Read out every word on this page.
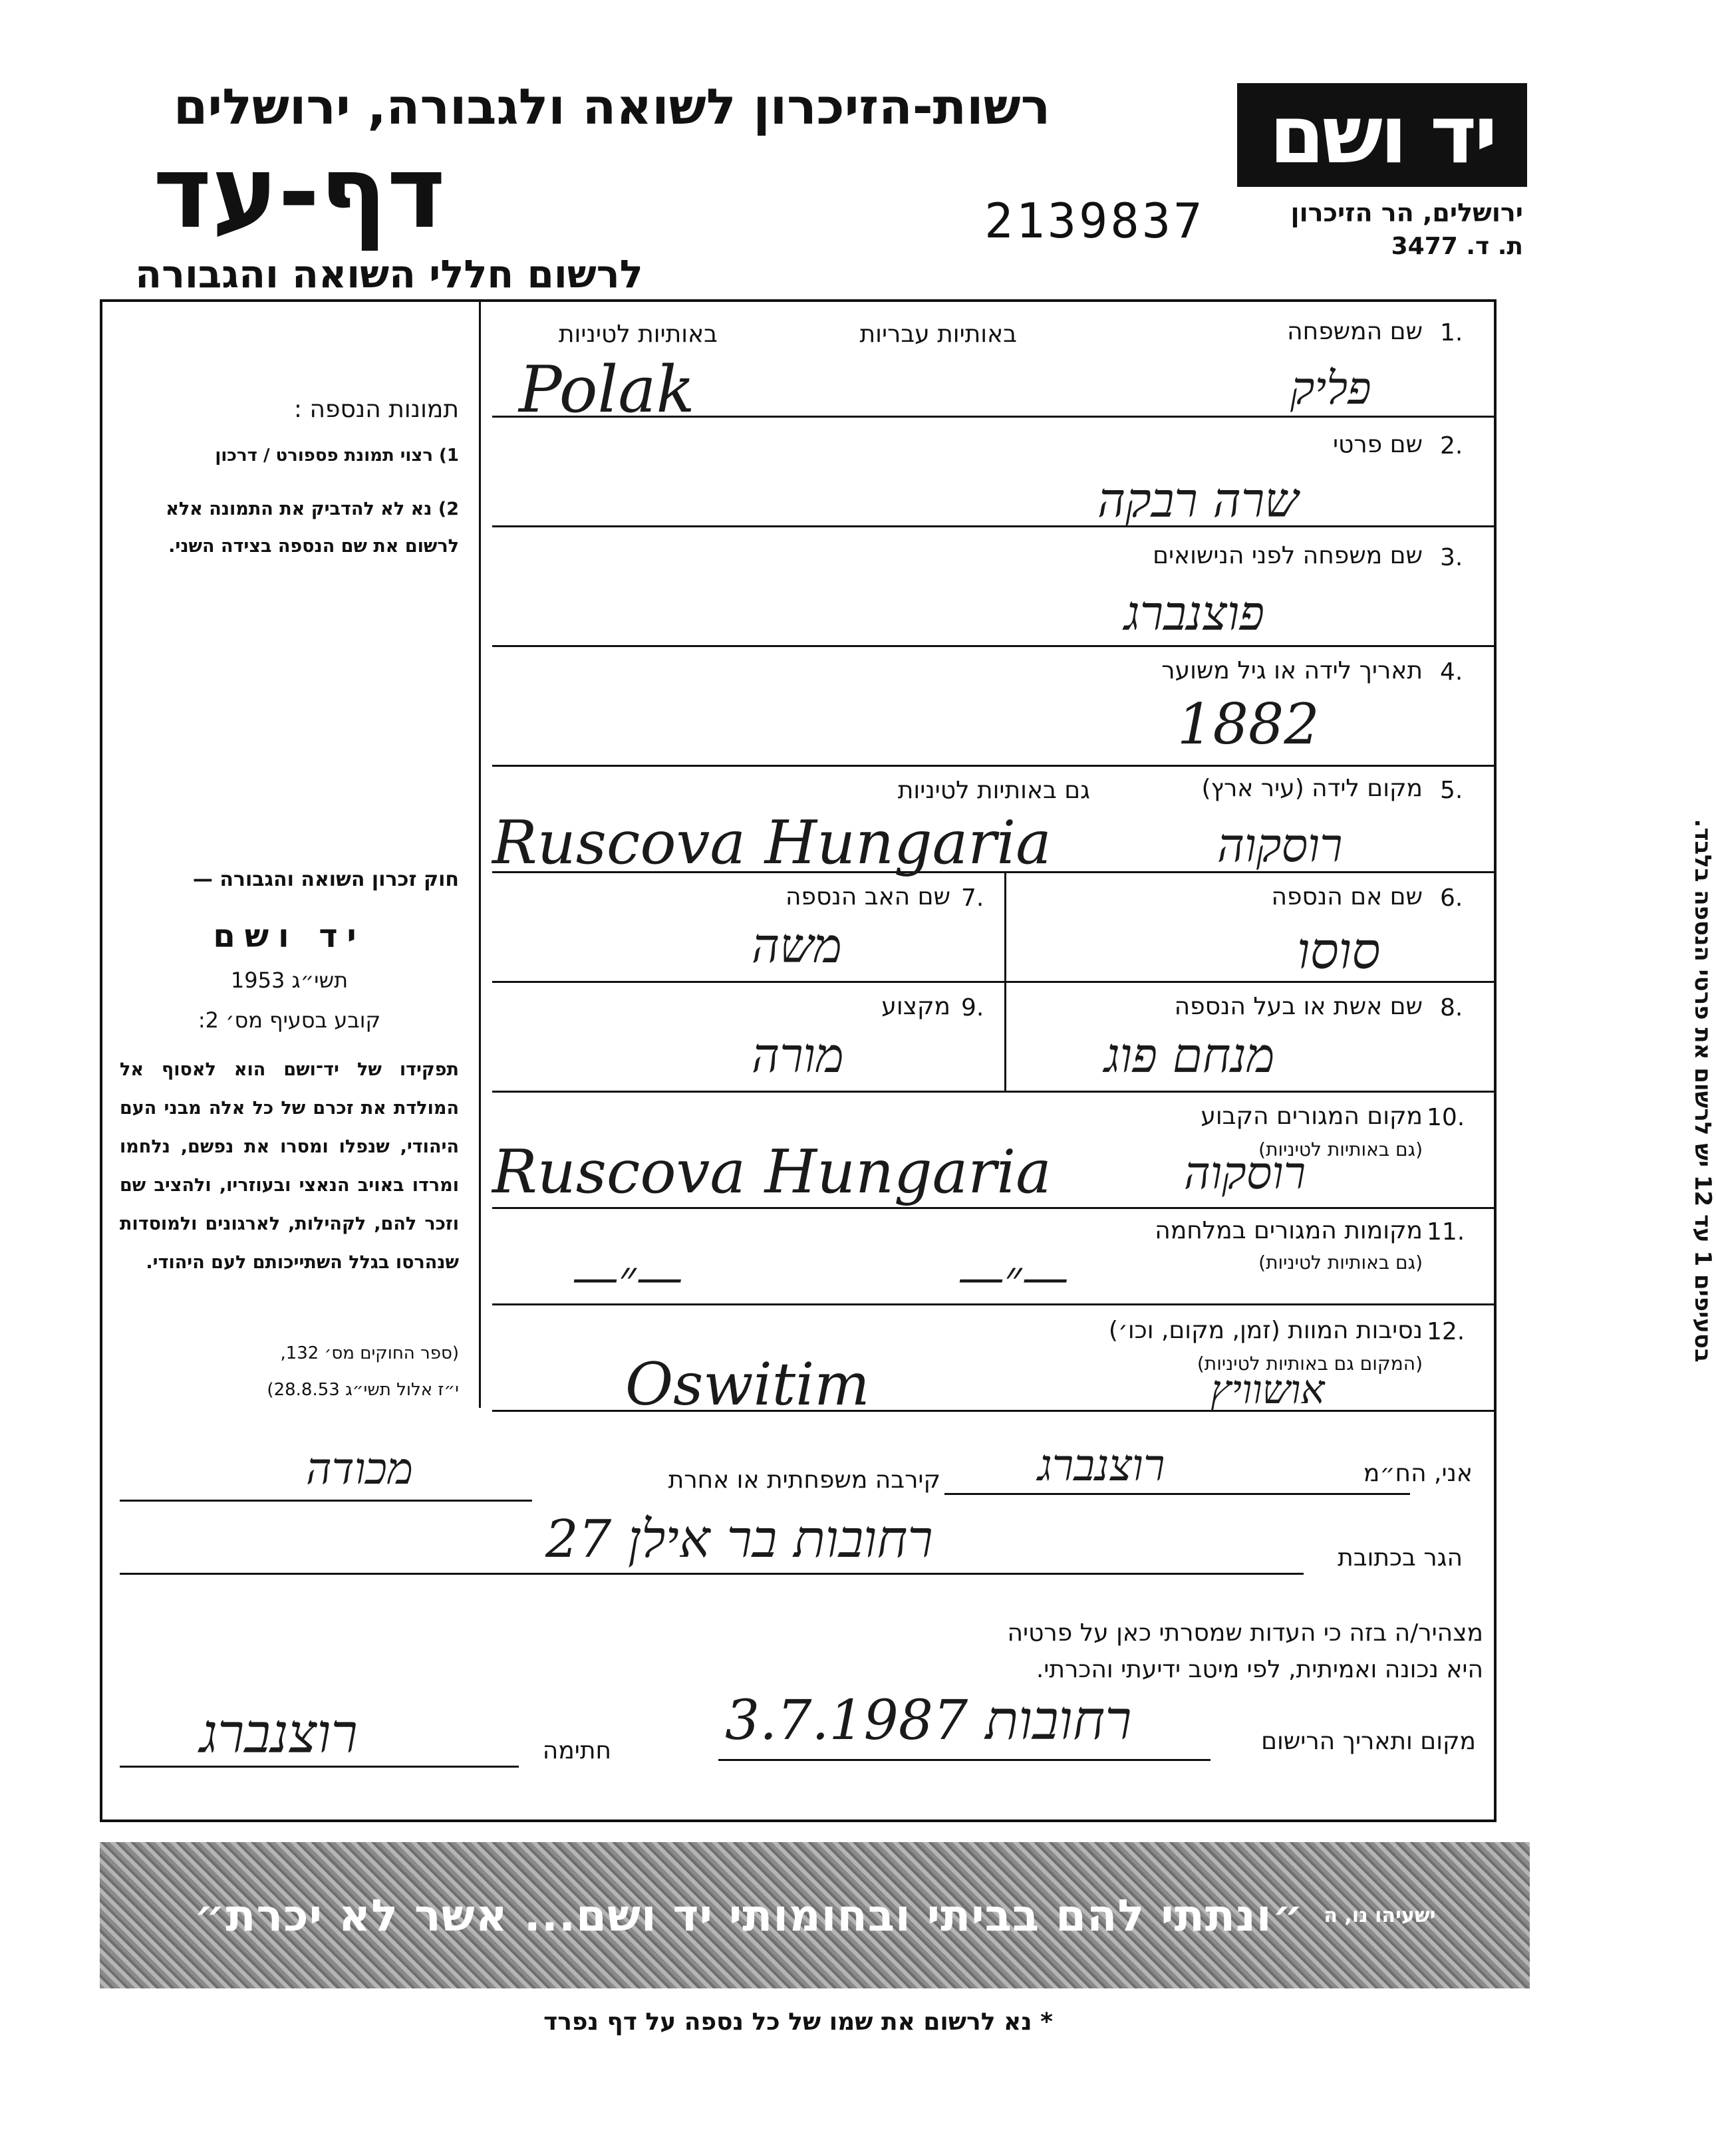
רשות-הזיכרון לשואה ולגבורה, ירושלים
דף-עד
לרשום חללי השואה והגבורה
יד ושם
ירושלים, הר הזיכרון
ת. ד. 3477
2139837
1.
שם המשפחה
באותיות עבריות
באותיות לטיניות
Polak	פליק
2.
שם פרטי
שרה רבקה
3.
שם משפחה לפני הנישואים
פוצנברג
4.
תאריך לידה או גיל משוער
1882
5.
מקום לידה (עיר ארץ)
גם באותיות לטיניות
Ruscova Hungaria	רוסקוה
6.
שם אם הנספה
סוסו
7.
שם האב הנספה
משה
8.
שם אשת או בעל הנספה
מנחם פוג
9.
מקצוע
מורה
10.
מקום המגורים הקבוע
(גם באותיות לטיניות)
Ruscova Hungaria	רוסקוה
11.
מקומות המגורים במלחמה
(גם באותיות לטיניות)
—״—	—״—
12.
נסיבות המוות (זמן, מקום, וכו׳)
(המקום גם באותיות לטיניות)
Oswitim	אושוויץ
תמונות הנספה :
1) רצוי תמונת פספורט / דרכון
2) נא לא להדביק את התמונה אלא לרשום את שם הנספה בצידה השני.
חוק זכרון השואה והגבורה —
יד ושם
תשי״ג 1953
קובע בסעיף מס׳ 2:
תפקידו של יד־ושם הוא לאסוף אל המולדת את זכרם של כל אלה מבני העם היהודי, שנפלו ומסרו את נפשם, נלחמו ומרדו באויב הנאצי ובעוזריו, ולהציב שם וזכר להם, לקהילות, לארגונים ולמוסדות שנהרסו בגלל השתייכותם לעם היהודי.
(ספר החוקים מס׳ 132,
י״ז אלול תשי״ג 28.8.53)
בסעיפים 1 עד 12 יש לרשום את פרטי הנספה בלבד.
אני, הח״מ
רוצנברג
קירבה משפחתית או אחרת
מכודה
הגר בכתובת
רחובות בר אילן 27
מצהיר/ה בזה כי העדות שמסרתי כאן על פרטיה
היא נכונה ואמיתית, לפי מיטב ידיעתי והכרתי.
מקום ותאריך הרישום
רחובות 3.7.1987
חתימה
רוצנברג
״ונתתי להם בביתי ובחומותי יד ושם... אשר לא יכרת״ ישעיהו נו, ה
* נא לרשום את שמו של כל נספה על דף נפרד
